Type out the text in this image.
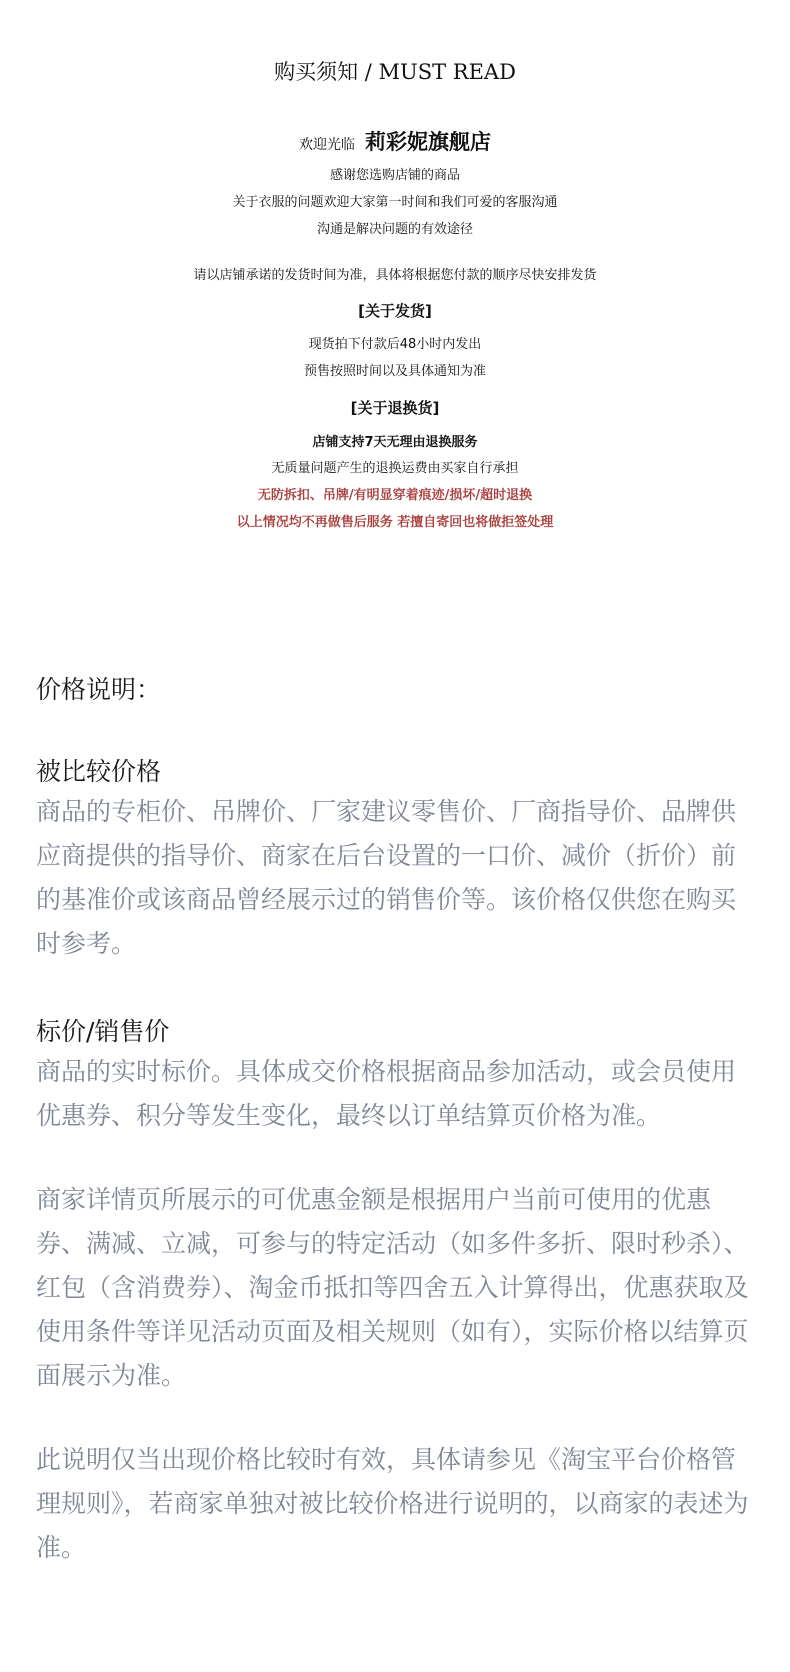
购买须知 / MUST READ
欢迎光临 莉彩妮旗舰店
感谢您选购店铺的商品
关于衣服的问题欢迎大家第一时间和我们可爱的客服沟通
沟通是解决问题的有效途径
请以店铺承诺的发货时间为准，具体将根据您付款的顺序尽快安排发货
[关于发货]
现货拍下付款后48小时内发出
预售按照时间以及具体通知为准
[关于退换货]
店铺支持7天无理由退换服务
无质量问题产生的退换运费由买家自行承担
无防拆扣、吊牌/有明显穿着痕迹/损坏/超时退换
以上情况均不再做售后服务 若擅自寄回也将做拒签处理
价格说明：
被比较价格
商品的专柜价、吊牌价、厂家建议零售价、厂商指导价、品牌供应商提供的指导价、商家在后台设置的一口价、减价（折价）前的基准价或该商品曾经展示过的销售价等。该价格仅供您在购买时参考。
标价/销售价
商品的实时标价。具体成交价格根据商品参加活动，或会员使用优惠券、积分等发生变化，最终以订单结算页价格为准。
商家详情页所展示的可优惠金额是根据用户当前可使用的优惠券、满减、立减，可参与的特定活动（如多件多折、限时秒杀）、红包（含消费券）、淘金币抵扣等四舍五入计算得出，优惠获取及使用条件等详见活动页面及相关规则（如有），实际价格以结算页面展示为准。
此说明仅当出现价格比较时有效，具体请参见《淘宝平台价格管理规则》，若商家单独对被比较价格进行说明的，以商家的表述为准。
